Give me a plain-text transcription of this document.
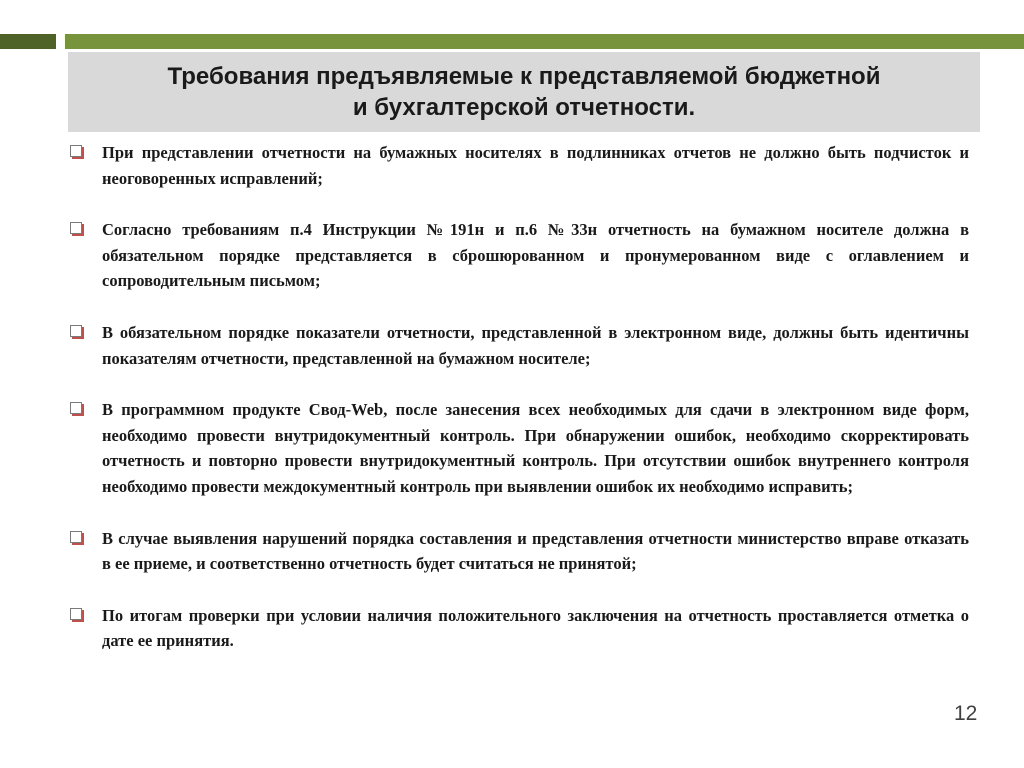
Требования предъявляемые к представляемой бюджетной
и бухгалтерской отчетности.
При представлении отчетности на бумажных носителях в подлинниках отчетов не должно быть подчисток и неоговоренных исправлений;
Согласно требованиям п.4 Инструкции №191н и п.6 №33н отчетность на бумажном носителе должна в обязательном порядке представляется в сброшюрованном и пронумерованном виде с оглавлением и сопроводительным письмом;
В обязательном порядке показатели отчетности, представленной в электронном виде, должны быть идентичны показателям отчетности, представленной на бумажном носителе;
В программном продукте Свод-Web, после занесения всех необходимых для сдачи в электронном виде форм, необходимо провести внутридокументный контроль. При обнаружении ошибок, необходимо скорректировать отчетность и повторно провести внутридокументный контроль. При отсутствии ошибок внутреннего контроля необходимо провести междокументный контроль при выявлении ошибок их необходимо исправить;
В случае выявления нарушений порядка составления и представления отчетности министерство вправе отказать в ее приеме, и соответственно отчетность будет считаться не принятой;
По итогам проверки при условии наличия положительного заключения на отчетность проставляется отметка о дате ее принятия.
12
